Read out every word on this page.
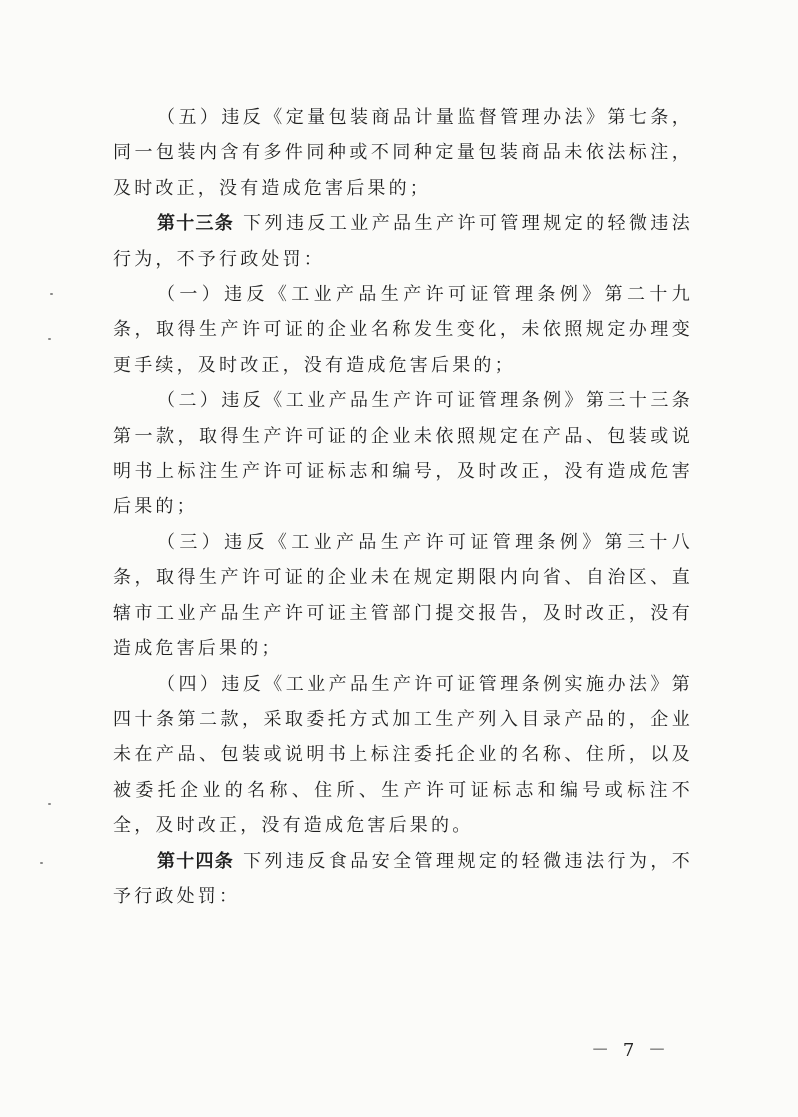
（五）违反《定量包装商品计量监督管理办法》第七条，同一包装内含有多件同种或不同种定量包装商品未依法标注，及时改正，没有造成危害后果的；

第十三条 下列违反工业产品生产许可管理规定的轻微违法行为，不予行政处罚：

（一）违反《工业产品生产许可证管理条例》第二十九条，取得生产许可证的企业名称发生变化，未依照规定办理变更手续，及时改正，没有造成危害后果的；

（二）违反《工业产品生产许可证管理条例》第三十三条第一款，取得生产许可证的企业未依照规定在产品、包装或说明书上标注生产许可证标志和编号，及时改正，没有造成危害后果的；

（三）违反《工业产品生产许可证管理条例》第三十八条，取得生产许可证的企业未在规定期限内向省、自治区、直辖市工业产品生产许可证主管部门提交报告，及时改正，没有造成危害后果的；

（四）违反《工业产品生产许可证管理条例实施办法》第四十条第二款，采取委托方式加工生产列入目录产品的，企业未在产品、包装或说明书上标注委托企业的名称、住所，以及被委托企业的名称、住所、生产许可证标志和编号或标注不全，及时改正，没有造成危害后果的。

第十四条 下列违反食品安全管理规定的轻微违法行为，不予行政处罚：

－ 7 －
